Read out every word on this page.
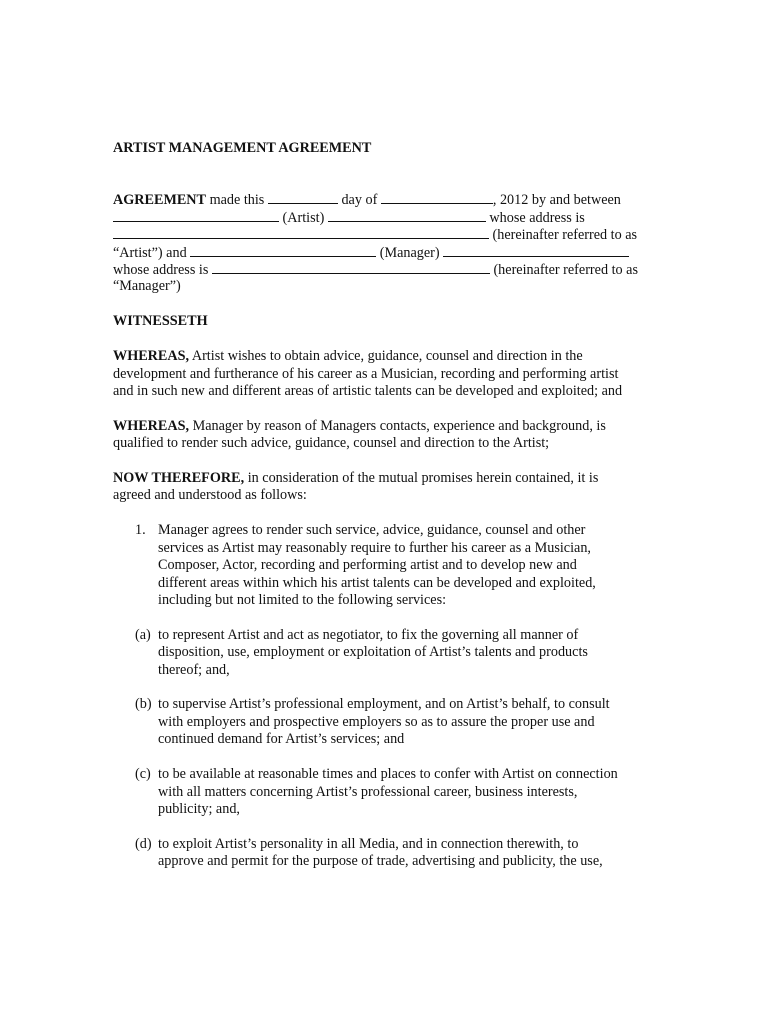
ARTIST MANAGEMENT AGREEMENT
AGREEMENT made this	day of	, 2012 by and between
(Artist)	whose address is
(hereinafter referred to as
“Artist”) and	(Manager)
whose address is	(hereinafter referred to as
“Manager”)
WITNESSETH
WHEREAS, Artist wishes to obtain advice, guidance, counsel and direction in the
development and furtherance of his career as a Musician, recording and performing artist
and in such new and different areas of artistic talents can be developed and exploited; and
WHEREAS, Manager by reason of Managers contacts, experience and background, is
qualified to render such advice, guidance, counsel and direction to the Artist;
NOW THEREFORE, in consideration of the mutual promises herein contained, it is
agreed and understood as follows:
1. Manager agrees to render such service, advice, guidance, counsel and other
services as Artist may reasonably require to further his career as a Musician,
Composer, Actor, recording and performing artist and to develop new and
different areas within which his artist talents can be developed and exploited,
including but not limited to the following services:
(a) to represent Artist and act as negotiator, to fix the governing all manner of
disposition, use, employment or exploitation of Artist’s talents and products
thereof; and,
(b) to supervise Artist’s professional employment, and on Artist’s behalf, to consult
with employers and prospective employers so as to assure the proper use and
continued demand for Artist’s services; and
(c) to be available at reasonable times and places to confer with Artist on connection
with all matters concerning Artist’s professional career, business interests,
publicity; and,
(d) to exploit Artist’s personality in all Media, and in connection therewith, to
approve and permit for the purpose of trade, advertising and publicity, the use,
